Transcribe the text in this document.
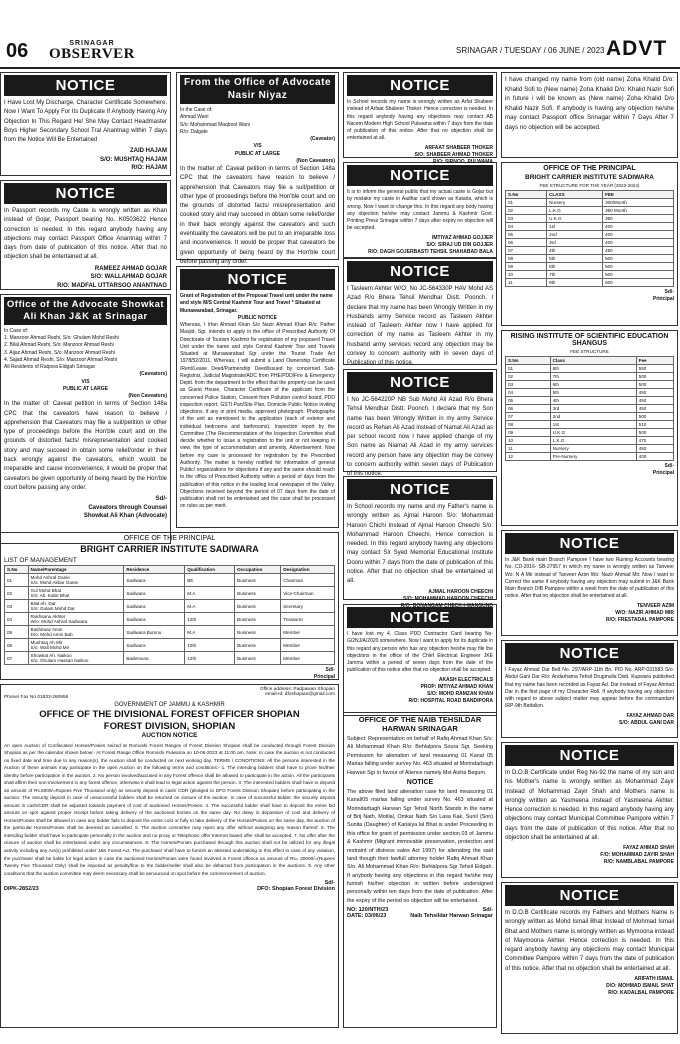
06	SRINAGAR
OBSERVER	SRINAGAR / TUESDAY / 06 JUNE / 2023 ADVT
NOTICE
I Have Lost My Discharge, Character Certificate Somewhere. Now I Want To Apply For Its Duplicate If Anybody Having Any Objection In This Regard He/ She May Contact Headmaster Boys Higher Secondary School Tral Anantnag within 7 days from the Notice Will Be Entertained
ZAID HAJAM
S/O: MUSHTAQ HAJAM
R/O: HAJAM
NOTICE
In Passport records my Caste is wrongly written as Khan instead of Gojar, Passport bearing No. K0503622 Hence correction is needed. In this regard anybody having any objections may contact Passport Office Anantnag within 7 days from date of publication of this notice. After that no objection shall be entertained at all.
RAMEEZ AHMAD GOJAR
S/O: WALLAHMAD GOJAR
R/O: MADFAL UTTARSOO ANANTNAG
Office of the Advocate Showkat Ali Khan J&K at Srinagar
In Case of:
1. Manzoor Ahmad Reshi, S/o: Ghulam Mohd Reshi
2. Bilal Ahmad Reshi, S/o: Manzoor Ahmad Reshi
3. Aijaz Ahmad Reshi, S/o: Manzoor Ahmad Reshi
4. Sajad Ahmad Reshi, S/o: Manzoor Ahmad Reshi
All Residents of Ratpora Eidgah Srinagar
(Caveators)
V/S
PUBLIC AT LARGE
(Non Caveators)
In the matter of: Caveat petition in terms of Section 148a CPC that the caveators have reason to believe / apprehension that Caveators may file a suit/petition or other type of proceedings before the Hon'ble court and on the grounds of distorted facts/ misrepresentation and cooked story and may succeed in obtain some relief/order in their back wrongly against the caveators, which would be irreparable and cause inconvenience, it would be proper that caveators be given opportunity of being heard by the Hon'ble court before passing any order.
Sd/-
Caveators through Counsel
Showkat Ali Khan (Advocate)
From the Office of Advocate Nasir Niyaz
In the Case of:
Ahmad Wani
S/o: Mohammad Maqbool Wani
R/o: Dalgate
(Caveator)
V/S
PUBLIC AT LARGE
(Non Caveators)
In the matter of: Caveat petition in terms of Section 148a CPC that the caveators have reason to believe / apprehension that Caveators may file a suit/petition or other type of proceedings before the Hon'ble court and on the grounds of distorted facts/ misrepresentation and cooked story and may succeed in obtain some relief/order in their back wrongly against the caveators and such eventuality the caveators will be put to an irreparable loss and inconvenience. It would be proper that caveators be given opportunity of being heard by the Hon'ble court before passing any order.
NOTICE
Grant of Registration of the Proposal Travel unit under the name and style M/S Central Kashmir Tour and Travel * Situated at Munawarabad, Srinagar.
PUBLIC NOTICE
Whereas, I Irfan Ahmad Khan S/o Nazir Ahmad Khan R/o: Pather Masjid, Sgr. intends to apply in the office of Prescribed Authority Of Directorate of Tourism Kashmir for registration of my proposed Travel Unit under the name and style Central Kashmir Tour and Travels Situated at Munawarabad Sgr under the Tourist Trade Act 1978/52/2011. Whereas, I will submit a Land Ownership Certificate /Rent/Lease Deed/Partnership Deed/issued by concerned Sub-Registrar, Judicial Magistrate/ADC from PHE/PDD/Fire & Emergency Deptt. from the department to the effect that the property can be used as Guest House, Character Certificate of the applicant from the concerned Police Station, Consent from Pollution control board, PDD inspection report, GSTI Pan/Site Plan, Domicile Public Notice inviting objections, if any in print media, approved photograph. Photographs of the unit as mentioned in the application (each of exterior and individual bedrooms and bathrooms). Inspection report by the Committee (The Recommendation of the Inspection Committee shall decide whether to issue a registration to the unit or not keeping in view, the type of accommodation and amenity, Advertisement. Now before my case is processed for registration by the Prescribed Authority. The matter is hereby notified for information of general Public/ organizations for objections if any and the same should reach to the office of Prescribed Authority within a period of days from the publication of this notice in the leading local newspaper of the Valley. Objections received beyond the period of 07 days from the date of publication shall not be entertained and the case shall be processed on rules as per merit.
NOTICE
In School records my name is wrongly written as Arfat Shabeer instead of Arfaat Shabeer Thoker. Hence correction is needed. In this regard anybody having any objections may contact AB Nacem Modern High School Pulwama within 7 days from the date of publication of this notice. After that no objection shall be entertained at all.
ARFAAT SHABEER THOKER
S/O: SHABEER AHMAD THOKER
R/O: SIRNOO, PULWAMA
NOTICE
It is to inform the general public that my actual caste is Gojar but by mistake my caste in Aadhar card shown as Kataria, which is wrong. Now I want to change this. In this regard any body having any objection he/she may contact Jammu & Kashmir Govt. Printing Press Srinagar within 7 days after expiry no objection will be accepted.
IMTIYAZ AHMAD GOJJER
S/O: SIRAJ UD DIN GOJJER
R/O: DAGH GOJERBASTI TEHSIL SHAHABAD BALA
NOTICE
I Tasleem Akhter W/O: No JC-564330P HAV Mohd AS Azad R/o Bhera Tehsil Mendhar Distt. Poonch. I declare that my name has been Wrongly Written in my Husbands army Service record as Tasleem Akhter instead of Tasleem Akhter now I have applied for correction of my name as Tasleem Akhter in my husband army services record any objection may be convey to concern authority with in seven days of Publication of this notice.
NOTICE
I No JC-564220P NB Sub Mohd Ali Azad R/o Bhera Tehsil Mendhar Distt. Poonch. I declare that my Son name has been Wrongly Written in my army Service record as Rehan Ali Azad instead of Namat Ali Azad as per school record now I have applied change of my Son name as Niamat Ali Azad in my army services record any person have any objection may be convey to concern authority within seven days of Publication of this notice.
NOTICE
In School records my name and my Father's name is wrongly written as Ajmal Haroon S/o: Mohammad Haroon Chichi Instead of Ajmal Haroon Cheechi S/o: Mohammad Haroon Cheechi, Hence correction is needed. In this regard anybody having any objections may contact Sir Syed Memorial Educational Institute Dooru within 7 days from the date of publication of this notice. After that no objection shall be entertained at all.
AJMAL HAROON CHEECHI
S/O: MOHAMMAD HAROON CHEECHI
R/O: BONANGAM CHECK-I-WANGUND
NOTICE
I have lost my 4, Class PDD Contractor Card bearing No-G/2NJ/A/2020 somewhere. Now I want to apply for its duplicate in this regard any person who has any objection he/she may file the objections in the office of the Chief Electrical Engineer JKE Jammu within a period of seven days from the date of the publication of this notice after that no objection shall be accepted.
AKASH ELECTRICALS
PROP: IMTIYAZ AHMAD KHAN
S/O: MOHD RAMZAN KHAN
R/O: HOSPITAL ROAD BANDIPORA
OFFICE OF THE NAIB TEHSILDAR HARWAN SRINAGAR
Subject: Representation on behalf of Rafiq Ahmad Khan S/o: Ali Mohammad Khan R/o: Behlalpora Soura Sgr. Seeking Permission for alienation of land measuring 01 Kanal 05 Marlas falling under survey No. 463 situated at Morindarbagh Harwan Sgr in favour of Alience namely Mst Aisha Begum.
NOTICE
The above filed land alienation case for land measuring 01 Kanal/05 marlas falling under survey No. 463 situated at Morindarbagh Harwan Sgr Tehsil North Stands in the name of Brij Nath, Motilal, Omkar Nath S/o Lasa Kak, Sunil (Son) Sunita (Daughter) of Kanaiya lal Bhat is under Proceeding in this office for grant of permission under section 03 of Jammu & Kashmir (Migrant immovable preservation, protection and restraint of distress sales Act 1997) for alienating the said land though their lawfull attorney holder Rafiq Ahmad Khan S/o: Ali Mohammad Khan R/o: Behlalpora Sgr Tehsil Eidgah. If anybody having any objections in this regard he/she may furnish his/her objection in written before undersigned personally within ten days from the date of publication. After the expiry of the period no objection will be entertained.
NO: 120/NTH/23
DATE: 03/06/23
Sd/-
Naib Tehsildar Harwan Srinagar
I have changed my name from (old name) Zoha Khalid D/o: Khalid Sofi to (New name) Zoha Khalid D/o: Khalid Nazir Sofi in future i will be known as (New name) Zoha Khalid D/o Khalid Nazir Sofi. If anybody is having any objection he/she may contact Passport office Srinagar within 7 Days After 7 days no objection will be accepted.
OFFICE OF THE PRINCIPAL
BRIGHT CARRIER INSTITUTE SADIWARA
FEE STRUCTURE FOR THE YEAR (2023-2024)
S.No	CLASS	FEE
01	Nursery	300/Month
02	L.K.G	350 Month
03	U.K.G	350
04	1st	400
05	2nd	400
06	3rd	400
07	4th	450
08	5th	500
09	6th	500
10	7th	500
11	8th	500
Sd/-
Principal
RISING INSTITUTE OF SCIENTIFIC EDUCATION SHANGUS
FEE STRUCTURE
S.No	Class	Fee
01	8th	550
02	7th	500
03	6th	500
04	5th	450
05	4th	450
06	3rd	450
07	2nd	500
08	1st	510
09	U.K.G	500
10	L.K.G	470
11	Nursery	450
12	Pre-Nursery	400
Sd/-
Principal
NOTICE
In J&K Bank main Branch Pampore I have two Ruining Accounts bearing No. CD-2016- SB-27957 in which my name is wrongly written as Tanveer Wo: N A Mir instead of Tanveer Azim Wo: Nazir Ahmad Mir. Now I want to Correct the same if anybody having any objection may submit in J&K Bank Main Branch DIB Pampore within a week from the date of publication of this notice. After that no objection shall be entertained at all.
TENVEER AZIM
W/O: NAZIR AHMAD MIR
R/O: FRESTADAL PAMPORE
NOTICE
I Fayaz Ahmad Dar Belt No. 297/ARP-11th Bn. PID No. ARP-031583 S/o. Abdul Gani Dar R/o: Andarhama Tehsil Drugmulla Distt. Kupwara published that my name has been recorded as Fayaz Ad. Dar instead of Fayaz Ahmad Dar in the first page of my Character Roll. If anybody having any objection with regard to above subject matter may appear before the commandant IRP-9th Battalion.
FAYAZ AHMAD DAR
S/O: ABDUL GANI DAR
NOTICE
In D.O.B Certificate under Reg No-92 the name of my son and his Mother's name is wrongly written as Mohammad Zayir Instead of Mohammad Zayir Shah and Mothers name is wrongly written as Yasmeena instead of Yasmeena Akhter. Hence correction is needed. In this regard anybody having any objections may contact Municipal Committee Pampore within 7 days from the date of publication of this notice. After that no objection shall be entertained at all.
FAYAZ AHMAD SHAH
F/O: MOHAMMAD ZAYIR SHAH
R/O: NAMBLABAL PAMPORE
NOTICE
In D.O.B Certificate records my Fathers and Mothers Name is wrongly written as Mohd Ismail Bhat Instead of Mohmad Ismail Bhat and Mothers name is wrongly written as Mymoona instead of Maymoona Akhter. Hence correction is needed. In this regard anybody having any objections may contact Municipal Committee Pampore within 7 days from the date of publication of this notice. After that no objection shall be entertained at all.
ARIFATH ISMAIL
D/O: MOHMAD ISMAIL SHAT
R/O: KADALBAL PAMPORE
OFFICE OF THE PRINCIPAL
BRIGHT CARRIER INSTITUTE SADIWARA
LIST OF MANAGEMENT
S.No	Name/Parentage	Residence	Qualification	Occupation	Designation
01	Mohd Ashraf Ganie
S/o: Mohd Akbar Ganie	Sadiwara	BE	Business	Chairman
02	Gul Mohd Bhat
S/o: Ab. Kabir Bhat	Sadiwara	M.A	Business	Vice-Chairman
03	Bilal Ah. Dar
S/o: Gulam Mohd Dar	Sadiwara	M.A	Business	Secretary
04	Rukhsana Akhter
W/o: Mohd Ashraf Sadiwara	Sadiwara	12th	Business	Treasurer
05	Bashiraaz Amin
D/o: Mohd Amin Bab	Sadiwara Bumnu	M.A	Business	Member
06	Mushtaq Ah Mir
S/o: Wali Mohd Mir	Sadiwara	10th	Business	Member
07	Showkat Ah. Naikoo
S/o: Ghulam Hassan Naikoo	Bademuna	12th	Business	Member
Sd/-
Principal
Phone/ Fax No 01933-260956
Office address: Padpawan Shopian
email-Id: dfoshopian@gmail.com
GOVERNMENT OF JAMMU & KASHMIR
OFFICE OF THE DIVISIONAL FOREST OFFICER SHOPIAN
FOREST DIVISION, SHOPIAN
AUCTION NOTICE
An open Auction of Confiscated Horses/Ponies seized at Romoshi Forest Ranges of Forest Division Shopian shall be conducted through Forest Division Shopian as per the calendar shown below:- At Forest Range Office Romoshi Pulwama on 10-06-2023 at 11:00 am. Note: In case the auction is not conducted on fixed date and time due to any reason(s), the Auction shall be conducted on next working day. TERMS / CONDITIONS: All the persons interested in the Auction of these animals may participate in the open Auction on the following terms and conditions:- 1. The intending bidders shall have to prove his/their identity before participation in the auction. 2. No person involved/accused in any Forest offence shall be allowed to participate in the action. All the participants shall affirm their non-involvement in any forest offence, otherwise it shall lead to legal action against the person. 3. The interested bidders shall have to deposit an amount of Rs.5000/=Rupees Five Thousand only) as security deposit in cash/ CDR (pledged to DFO Forest Division Shopian) before participating in the auction. The security deposit in case of unsuccessful bidders shall be returned on closure of the auction. In case of successful bidder, the security deposit amount in cash/CDR shall be adjusted towards payment of cost of auctioned Horses/Ponies. 4. The successful bidder shall have to deposit the entire bid amount on spot against proper receipt before taking delivery of the auctioned horses on the same day. No delay in deposition of cost and delivery of Horses/Ponies shall be allowed in case any bidder fails to deposit the entire cost or fully to take delivery of the Horses/Ponies on the same day, the auction of the particular Horses/Ponies shall be deemed as cancelled. 5. The auction committee may reject any offer without assigning any reason thereof. 6. The intending bidder shall have to participate personally in the auction and no proxy or Telephonic offer Internet based offer shall be accepted. 7. No offer after the closure of auction shall be entertained under any circumstances. 8. The Horses/Ponies purchased through this auction shall not be utilized for any illegal activity including any Act(s) prohibited under J&K Forest Act. The purchaser shall have to furnish an attested undertaking to this effect in case of any violation, the purchaser shall be liable for legal action in case the auctioned Horses/Ponies were found involved in Forest offence an amount of Rs= 20000/=(Rupees Twenty Five Thousand Only) shall be imposed as penalty/fine to the bidder/seller shall also be debarred from participation in the auctions. 9. Any other conditions that the auction committee may deem necessary shall be announced on spot before the commencement of auction.
DIPK-2852/23
Sd/-
DFO: Shopian Forest Division
